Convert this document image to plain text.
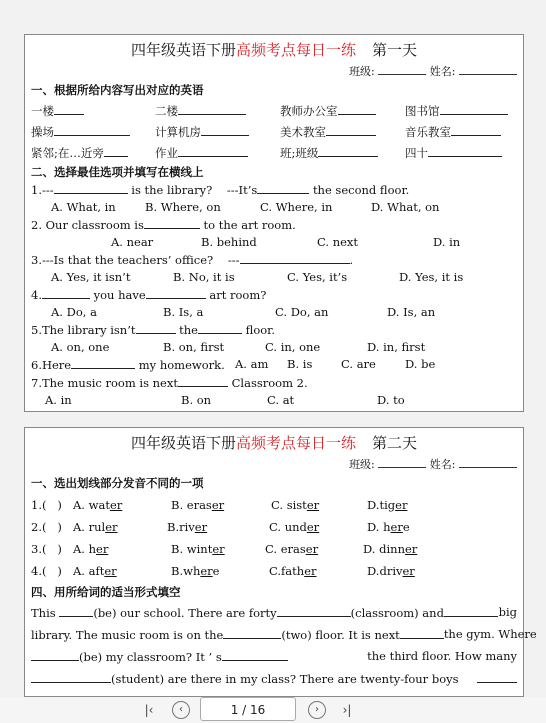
四年级英语下册高频考点每日一练 第一天
班级:	姓名:
一、根据所给内容写出对应的英语
一楼	二楼	教师办公室	图书馆
操场	计算机房	美术教室	音乐教室
紧邻;在…近旁	作业	班;班级	四十
二、选择最佳选项并填写在横线上
1.---	is the library? ---It’s	the second floor.
A. What, in	B. Where, on	C. Where, in	D. What, on
2. Our classroom is	to the art room.
A. near	B. behind	C. next	D. in
3.---Is that the teachers’ office? ---	.
A. Yes, it isn’t	B. No, it is	C. Yes, it’s	D. Yes, it is
4.	you have	art room?
A. Do, a	B. Is, a	C. Do, an	D. Is, an
5.The library isn’t	the	floor.
A. on, one	B. on, first	C. in, one	D. in, first
6.Here	my homework. A. am B. is C. are	D. be
7.The music room is next	Classroom 2.
A. in	B. on	C. at	D. to
四年级英语下册高频考点每日一练 第二天
班级:	姓名:
一、选出划线部分发音不同的一项
1.(   ) A. water	B. eraser	C. sister	D.tiger
2.(   ) A. ruler	B.river	C. under	D. here
3.(   ) A. her	B. winter	C. eraser	D. dinner
4.(   ) A. after	B.where	C.father	D.driver
四、用所给词的适当形式填空
This	(be) our school. There are forty	(classroom) and	big
library. The music room is on the	(two) floor. It is next	the gym. Where
(be) my classroom? It ’ s	the third floor. How many
(student) are there in my class? There are twenty-four boys
|‹	‹	1 / 16	›	›|
